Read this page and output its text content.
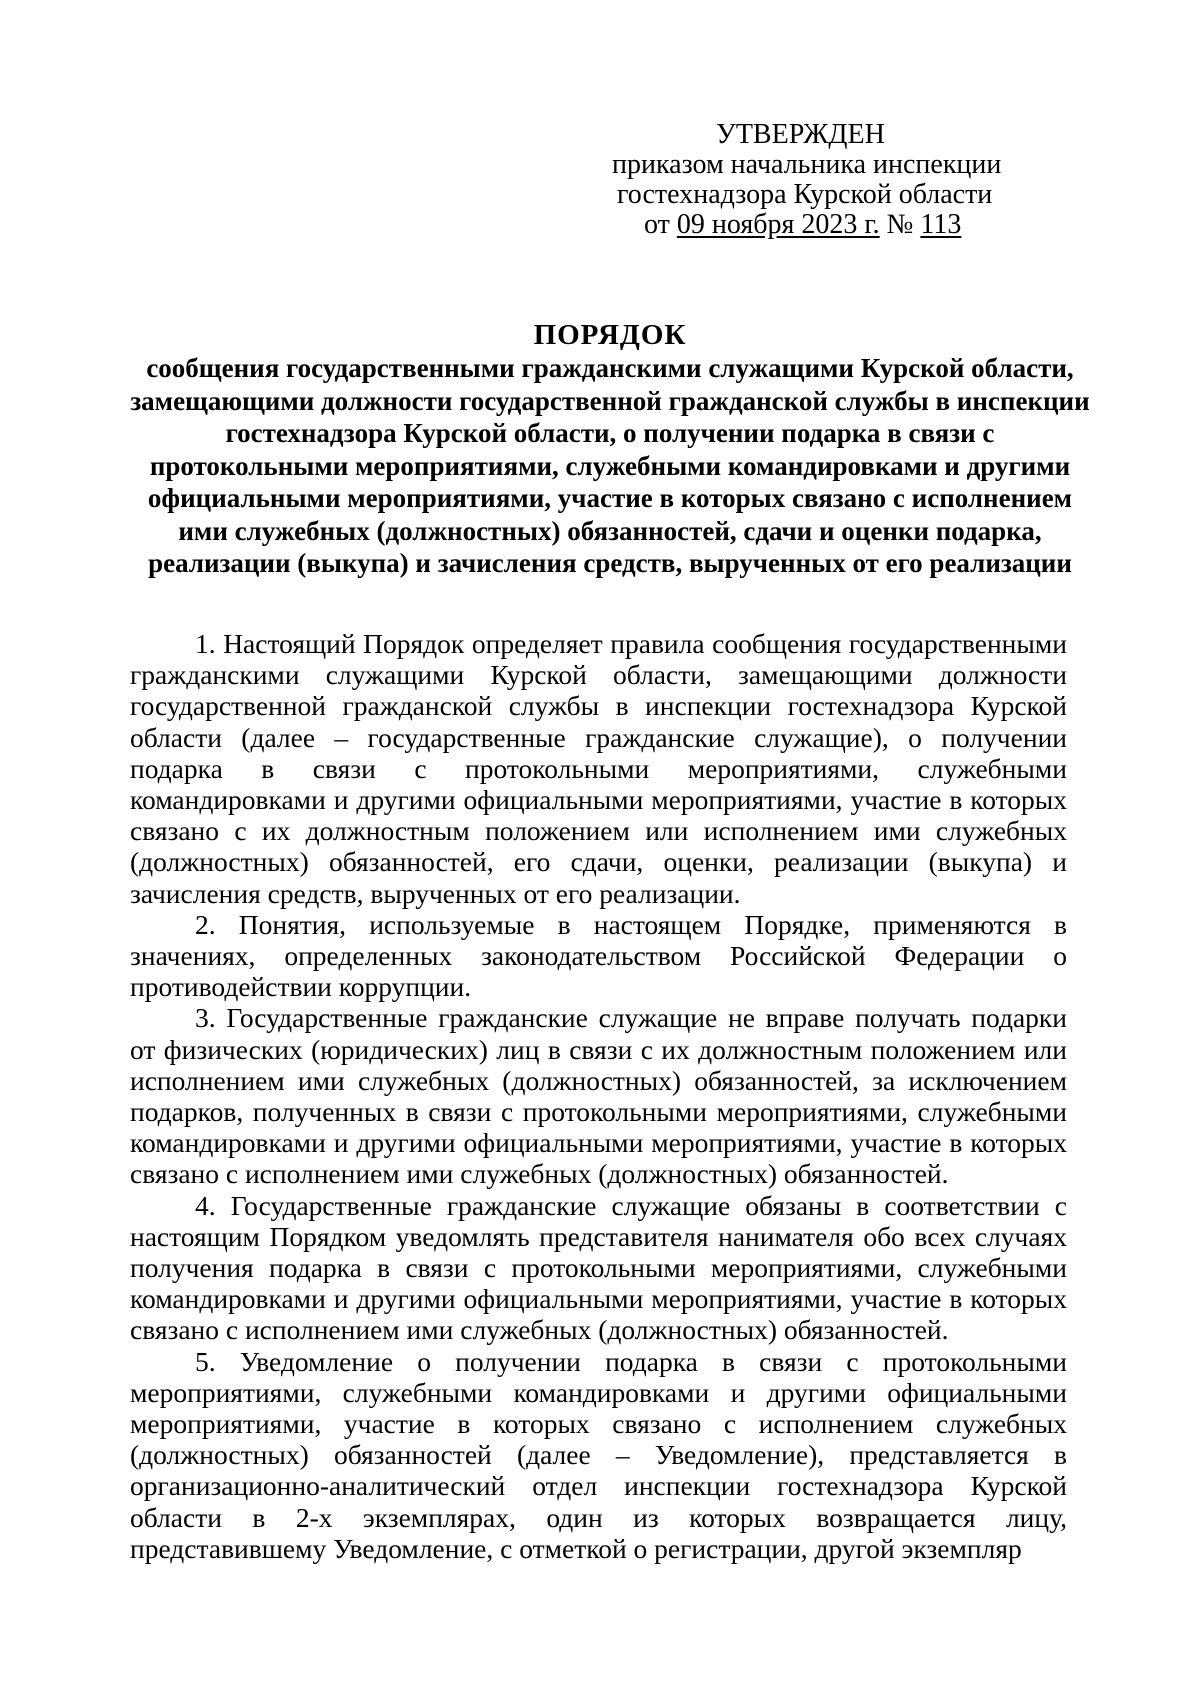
УТВЕРЖДЕН
приказом начальника инспекции
гостехнадзора Курской области
от 09 ноября 2023 г. № 113
ПОРЯДОК
сообщения государственными гражданскими служащими Курской области, замещающими должности государственной гражданской службы в инспекции гостехнадзора Курской области, о получении подарка в связи с протокольными мероприятиями, служебными командировками и другими официальными мероприятиями, участие в которых связано с исполнением ими служебных (должностных) обязанностей, сдачи и оценки подарка, реализации (выкупа) и зачисления средств, вырученных от его реализации

1. Настоящий Порядок определяет правила сообщения государственными гражданскими служащими Курской области, замещающими должности государственной гражданской службы в инспекции гостехнадзора Курской области (далее – государственные гражданские служащие), о получении подарка в связи с протокольными мероприятиями, служебными командировками и другими официальными мероприятиями, участие в которых связано с их должностным положением или исполнением ими служебных (должностных) обязанностей, его сдачи, оценки, реализации (выкупа) и зачисления средств, вырученных от его реализации.

2. Понятия, используемые в настоящем Порядке, применяются в значениях, определенных законодательством Российской Федерации о противодействии коррупции.

3. Государственные гражданские служащие не вправе получать подарки от физических (юридических) лиц в связи с их должностным положением или исполнением ими служебных (должностных) обязанностей, за исключением подарков, полученных в связи с протокольными мероприятиями, служебными командировками и другими официальными мероприятиями, участие в которых связано с исполнением ими служебных (должностных) обязанностей.

4. Государственные гражданские служащие обязаны в соответствии с настоящим Порядком уведомлять представителя нанимателя обо всех случаях получения подарка в связи с протокольными мероприятиями, служебными командировками и другими официальными мероприятиями, участие в которых связано с исполнением ими служебных (должностных) обязанностей.

5. Уведомление о получении подарка в связи с протокольными мероприятиями, служебными командировками и другими официальными мероприятиями, участие в которых связано с исполнением служебных (должностных) обязанностей (далее – Уведомление), представляется в организационно-аналитический отдел инспекции гостехнадзора Курской области в 2-х экземплярах, один из которых возвращается лицу, представившему Уведомление, с отметкой о регистрации, другой экземпляр
